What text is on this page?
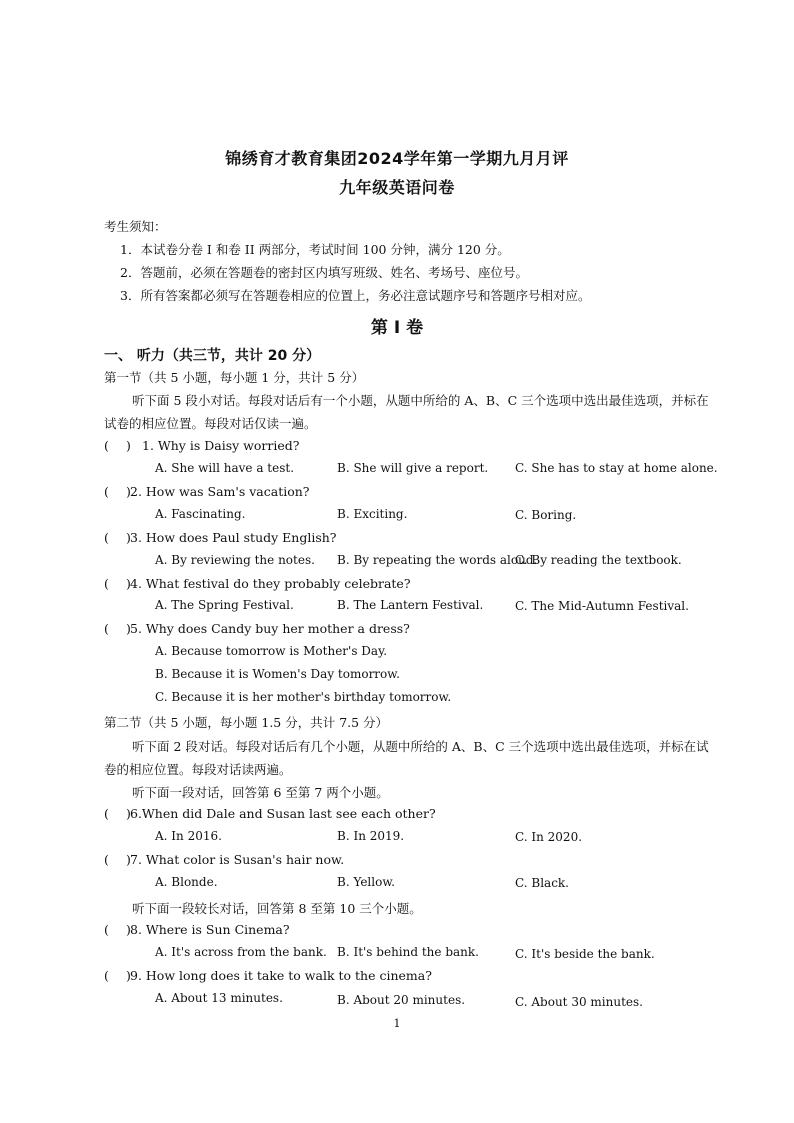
锦绣育才教育集团2024学年第一学期九月月评
九年级英语问卷
考生须知：
1．本试卷分卷 I 和卷 II 两部分，考试时间 100 分钟，满分 120 分。
2．答题前，必须在答题卷的密封区内填写班级、姓名、考场号、座位号。
3．所有答案都必须写在答题卷相应的位置上，务必注意试题序号和答题序号相对应。
第 I 卷
一、 听力（共三节，共计 20 分）
第一节（共 5 小题，每小题 1 分，共计 5 分）
听下面 5 段小对话。每段对话后有一个小题，从题中所给的 A、B、C 三个选项中选出最佳选项，并标在
试卷的相应位置。每段对话仅读一遍。
( ) 1. Why is Daisy worried?
A. She will have a test.	B. She will give a report. C. She has to stay at home alone.
( ) 2. How was Sam's vacation?
A. Fascinating.	B. Exciting.	C. Boring.
( ) 3. How does Paul study English?
A. By reviewing the notes. B. By repeating the words aloud.
C. By reading the textbook.
( ) 4. What festival do they probably celebrate?
A. The Spring Festival.	B. The Lantern Festival.	C. The Mid-Autumn Festival.
( ) 5. Why does Candy buy her mother a dress?
A. Because tomorrow is Mother's Day.
B. Because it is Women's Day tomorrow.
C. Because it is her mother's birthday tomorrow.
第二节（共 5 小题，每小题 1.5 分，共计 7.5 分）
听下面 2 段对话。每段对话后有几个小题，从题中所给的 A、B、C 三个选项中选出最佳选项，并标在试
卷的相应位置。每段对话读两遍。
听下面一段对话，回答第 6 至第 7 两个小题。
( ) 6.When did Dale and Susan last see each other?
A. In 2016.	B. In 2019.	C. In 2020.
( ) 7. What color is Susan's hair now.
A. Blonde.	B. Yellow.	C. Black.
听下面一段较长对话，回答第 8 至第 10 三个小题。
( ) 8. Where is Sun Cinema?
A. It's across from the bank. B. It's behind the bank.	C. It's beside the bank.
( ) 9. How long does it take to walk to the cinema?
A. About 13 minutes.	B. About 20 minutes.	C. About 30 minutes.
1
